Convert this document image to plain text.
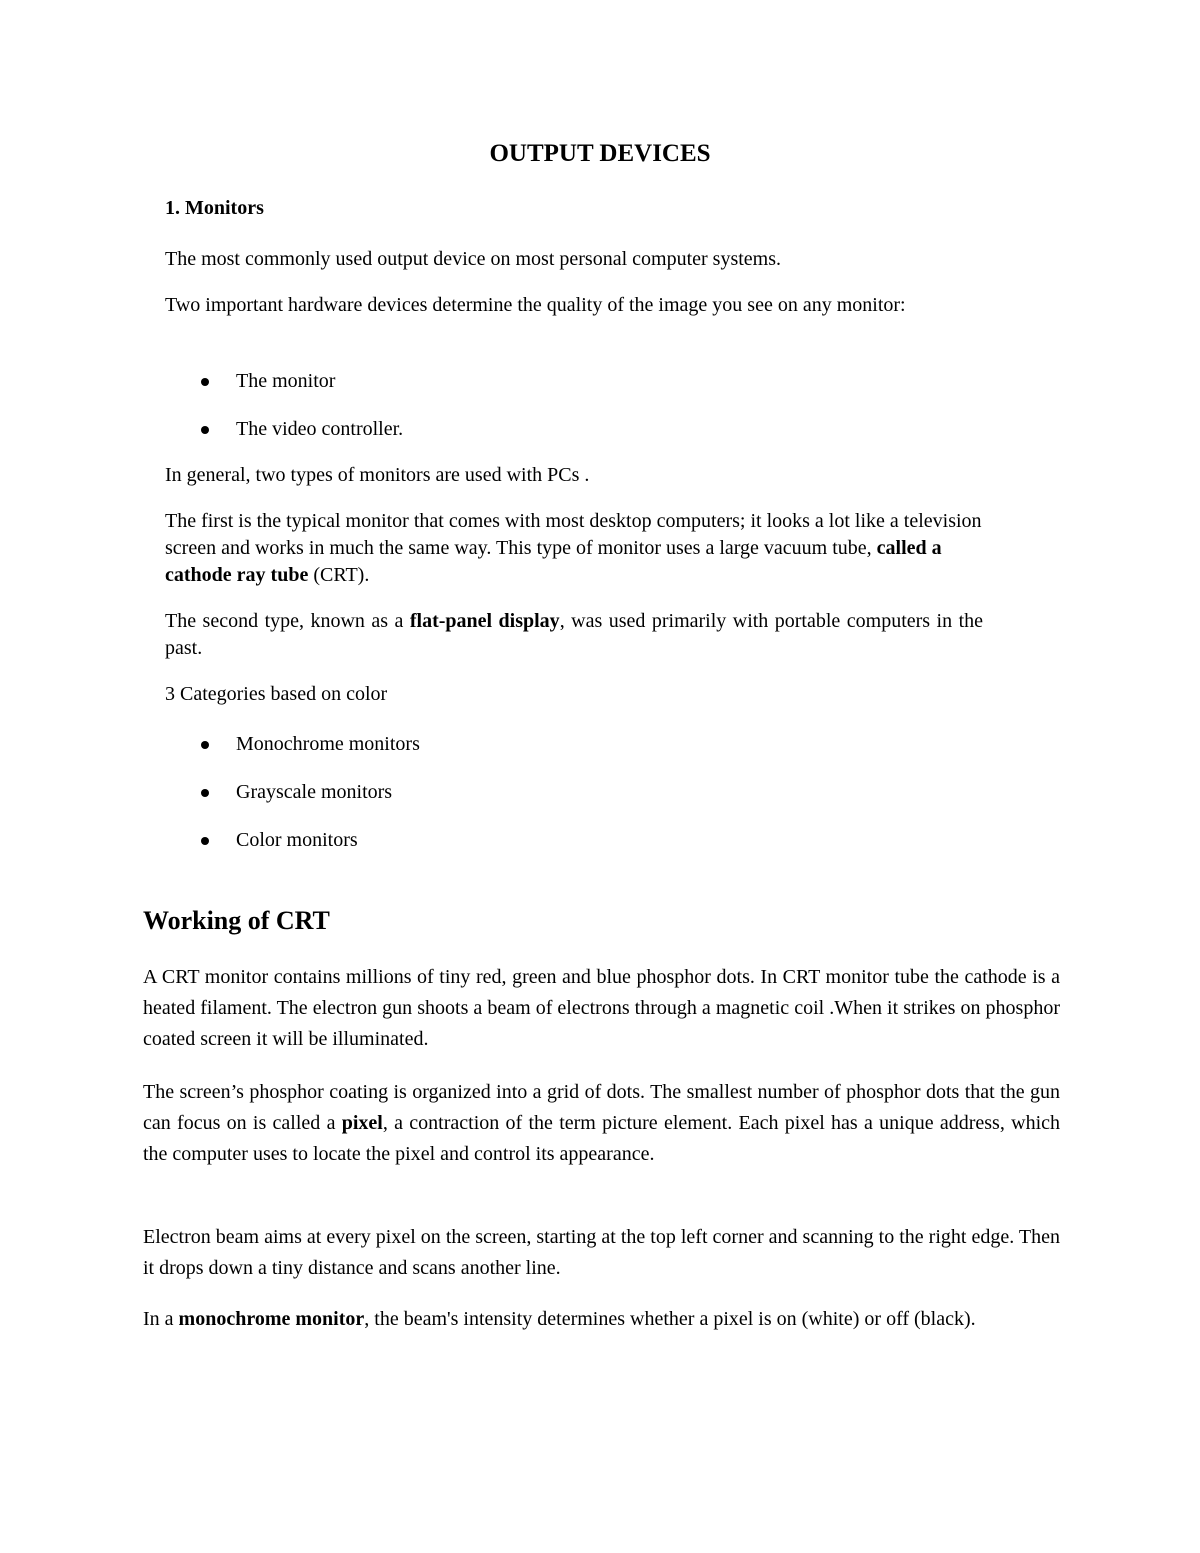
OUTPUT DEVICES
1. Monitors

The most commonly used output device on most personal computer systems.

Two important hardware devices determine the quality of the image you see on any monitor:

The monitor
The video controller.

In general, two types of monitors are used with PCs .

The first is the typical monitor that comes with most desktop computers; it looks a lot like a television screen and works in much the same way. This type of monitor uses a large vacuum tube, called a cathode ray tube (CRT).

The second type, known as a flat-panel display, was used primarily with portable computers in the past.

3 Categories based on color

Monochrome monitors
Grayscale monitors
Color monitors
Working of CRT

A CRT monitor contains millions of tiny red, green and blue phosphor dots. In CRT monitor tube the cathode is a heated filament. The electron gun shoots a beam of electrons through a magnetic coil .When it strikes on phosphor coated screen it will be illuminated.

The screen’s phosphor coating is organized into a grid of dots. The smallest number of phosphor dots that the gun can focus on is called a pixel, a contraction of the term picture element. Each pixel has a unique address, which the computer uses to locate the pixel and control its appearance.

Electron beam aims at every pixel on the screen, starting at the top left corner and scanning to the right edge. Then it drops down a tiny distance and scans another line.

In a monochrome monitor, the beam's intensity determines whether a pixel is on (white) or off (black).
